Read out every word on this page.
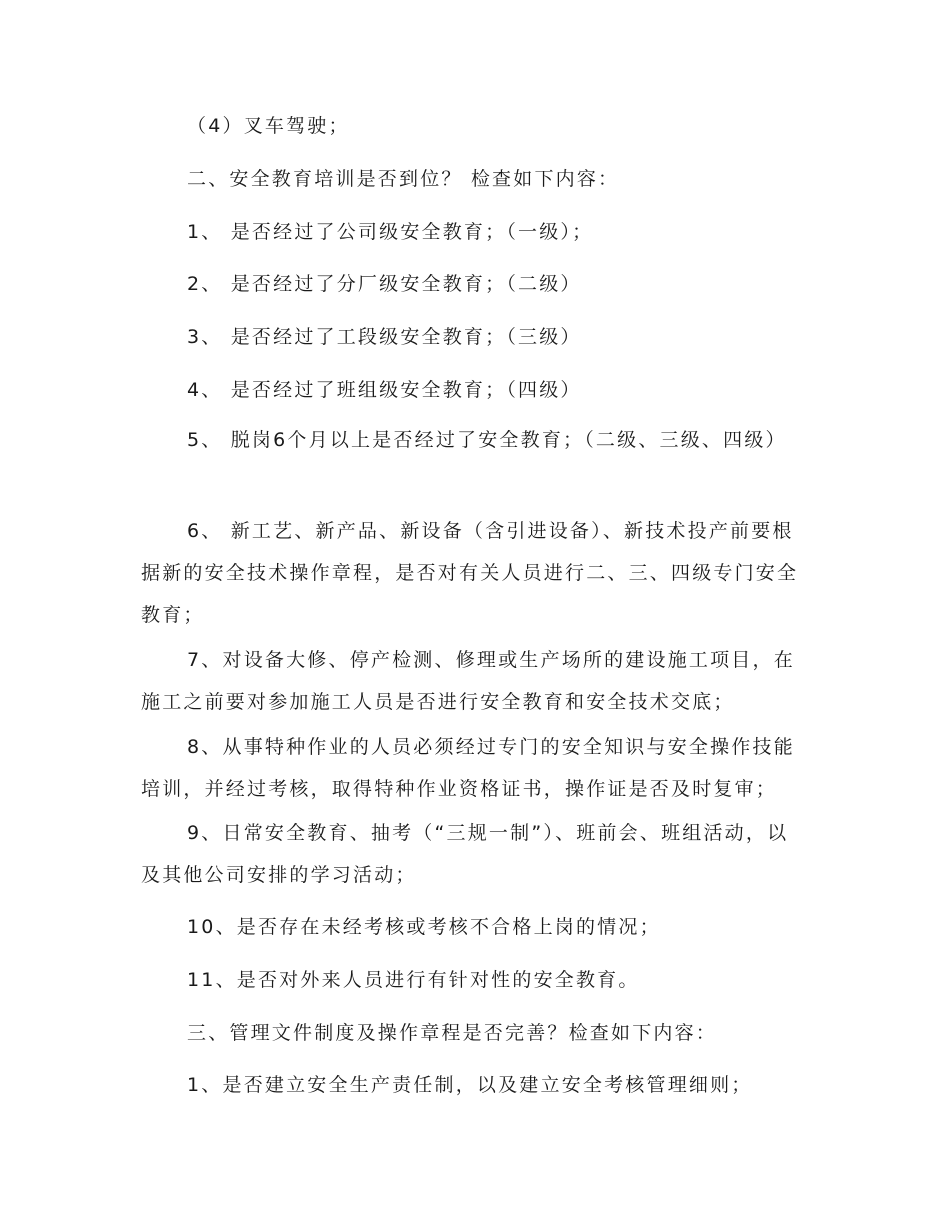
（4）叉车驾驶；

二、安全教育培训是否到位？ 检查如下内容：

1、 是否经过了公司级安全教育；（一级）；

2、 是否经过了分厂级安全教育；（二级）

3、 是否经过了工段级安全教育；（三级）

4、 是否经过了班组级安全教育；（四级）

5、 脱岗6个月以上是否经过了安全教育；（二级、三级、四级）

6、 新工艺、新产品、新设备（含引进设备）、新技术投产前要根据新的安全技术操作章程，是否对有关人员进行二、三、四级专门安全教育；

7、对设备大修、停产检测、修理或生产场所的建设施工项目，在施工之前要对参加施工人员是否进行安全教育和安全技术交底；

8、从事特种作业的人员必须经过专门的安全知识与安全操作技能培训，并经过考核，取得特种作业资格证书，操作证是否及时复审；

9、日常安全教育、抽考（“三规一制”）、班前会、班组活动，以及其他公司安排的学习活动；

10、是否存在未经考核或考核不合格上岗的情况；

11、是否对外来人员进行有针对性的安全教育。

三、管理文件制度及操作章程是否完善？检查如下内容：

1、是否建立安全生产责任制，以及建立安全考核管理细则；
